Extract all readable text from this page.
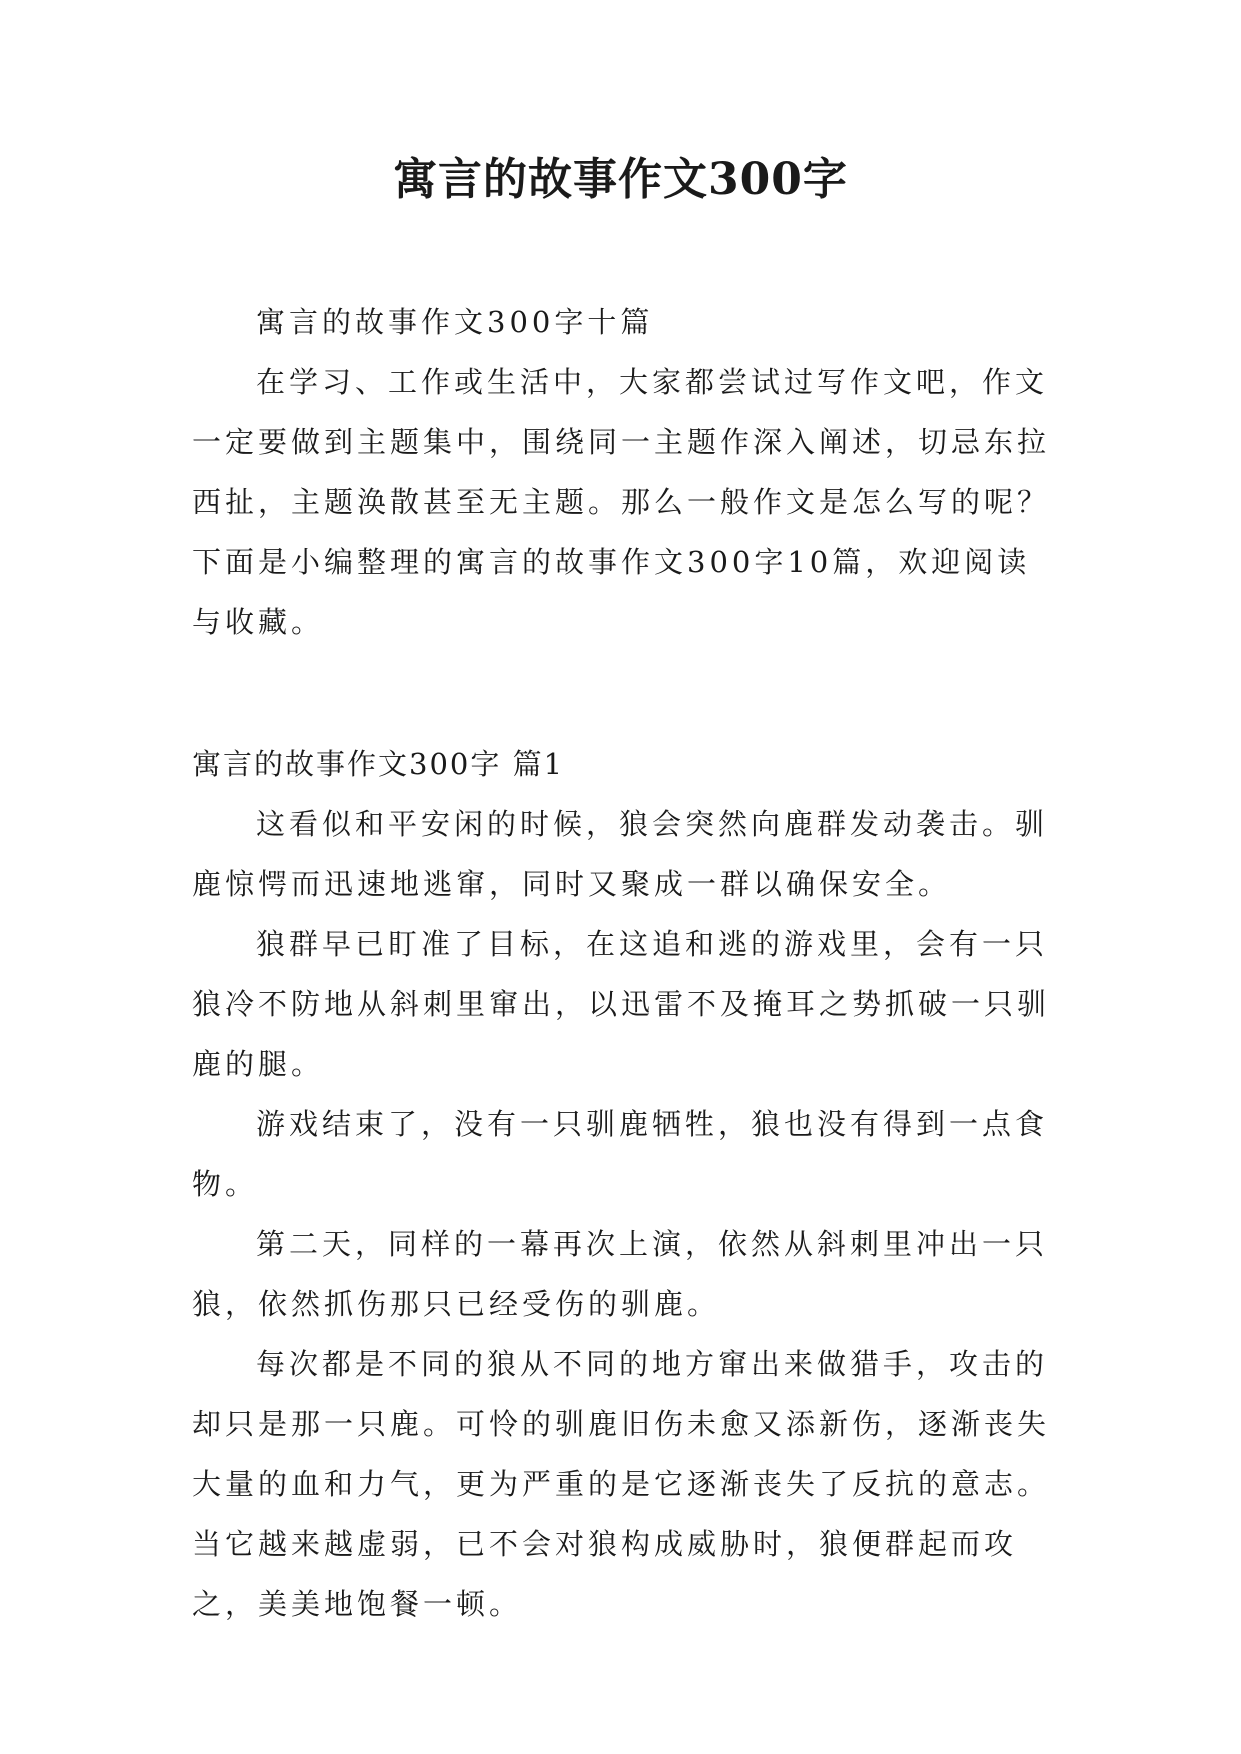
寓言的故事作文300字

寓言的故事作文300字十篇

在学习、工作或生活中，大家都尝试过写作文吧，作文一定要做到主题集中，围绕同一主题作深入阐述，切忌东拉西扯，主题涣散甚至无主题。那么一般作文是怎么写的呢？下面是小编整理的寓言的故事作文300字10篇，欢迎阅读与收藏。

寓言的故事作文300字 篇1

这看似和平安闲的时候，狼会突然向鹿群发动袭击。驯鹿惊愕而迅速地逃窜，同时又聚成一群以确保安全。

狼群早已盯准了目标，在这追和逃的游戏里，会有一只狼冷不防地从斜刺里窜出，以迅雷不及掩耳之势抓破一只驯鹿的腿。

游戏结束了，没有一只驯鹿牺牲，狼也没有得到一点食物。

第二天，同样的一幕再次上演，依然从斜刺里冲出一只狼，依然抓伤那只已经受伤的驯鹿。

每次都是不同的狼从不同的地方窜出来做猎手，攻击的却只是那一只鹿。可怜的驯鹿旧伤未愈又添新伤，逐渐丧失大量的血和力气，更为严重的是它逐渐丧失了反抗的意志。当它越来越虚弱，已不会对狼构成威胁时，狼便群起而攻之，美美地饱餐一顿。
